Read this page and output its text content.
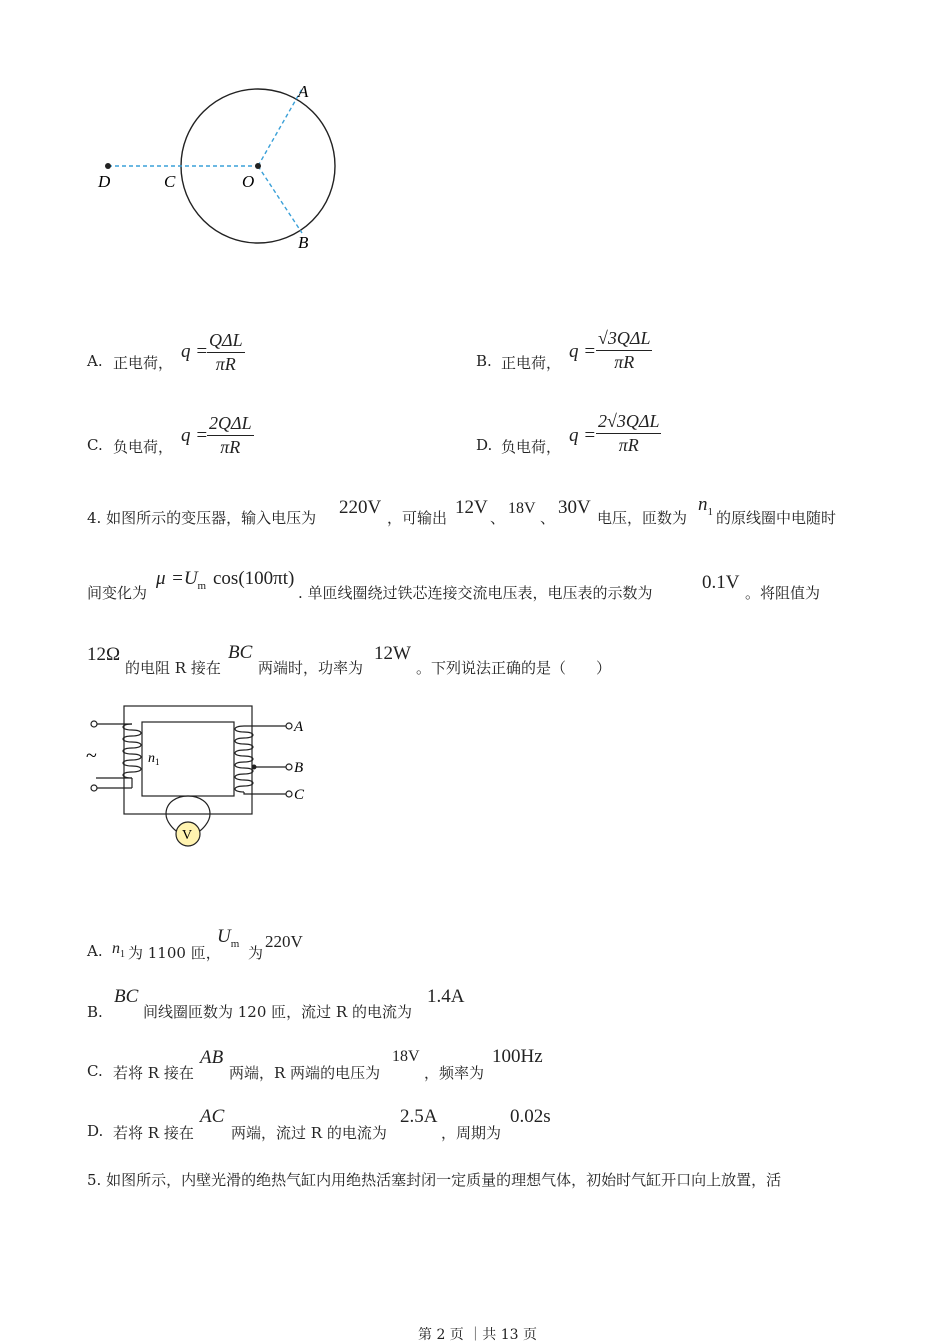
A
B
C
D	O
A. 正电荷，
q =
QΔL
πR	B. 正电荷，
q =
√3QΔL
πR
C. 负电荷，
q =
2QΔL
πR	D. 负电荷，
q =
2√3QΔL
πR
4. 如图所示的变压器，输入电压为 220V ，可输出 12V 、
18V
、 30V 电压，匝数为
$n_1$ 的原线圈中电随时
间变化为
$\mu =U_m$ cos(100πt)
. 单匝线圈绕过铁芯连接交流电压表，电压表的示数为	0.1V 。将阻值为
12Ω
的电阻 R 接在
BC
两端时，功率为
12W
。下列说法正确的是（　　）
~	$n_1$
A
B
C
V
A. $n_1$ 为 1100 匝，
$U_m$
为
220V
B.
BC
间线圈匝数为 120 匝，流过 R 的电流为
1.4A
C. 若将 R 接在
AB
两端，R 两端的电压为
18V
，频率为
100Hz
D. 若将 R 接在
AC
两端，流过 R 的电流为
2.5A
，周期为
0.02s
5. 如图所示，内壁光滑的绝热气缸内用绝热活塞封闭一定质量的理想气体，初始时气缸开口向上放置，活
第 2 页 ｜共 13 页
